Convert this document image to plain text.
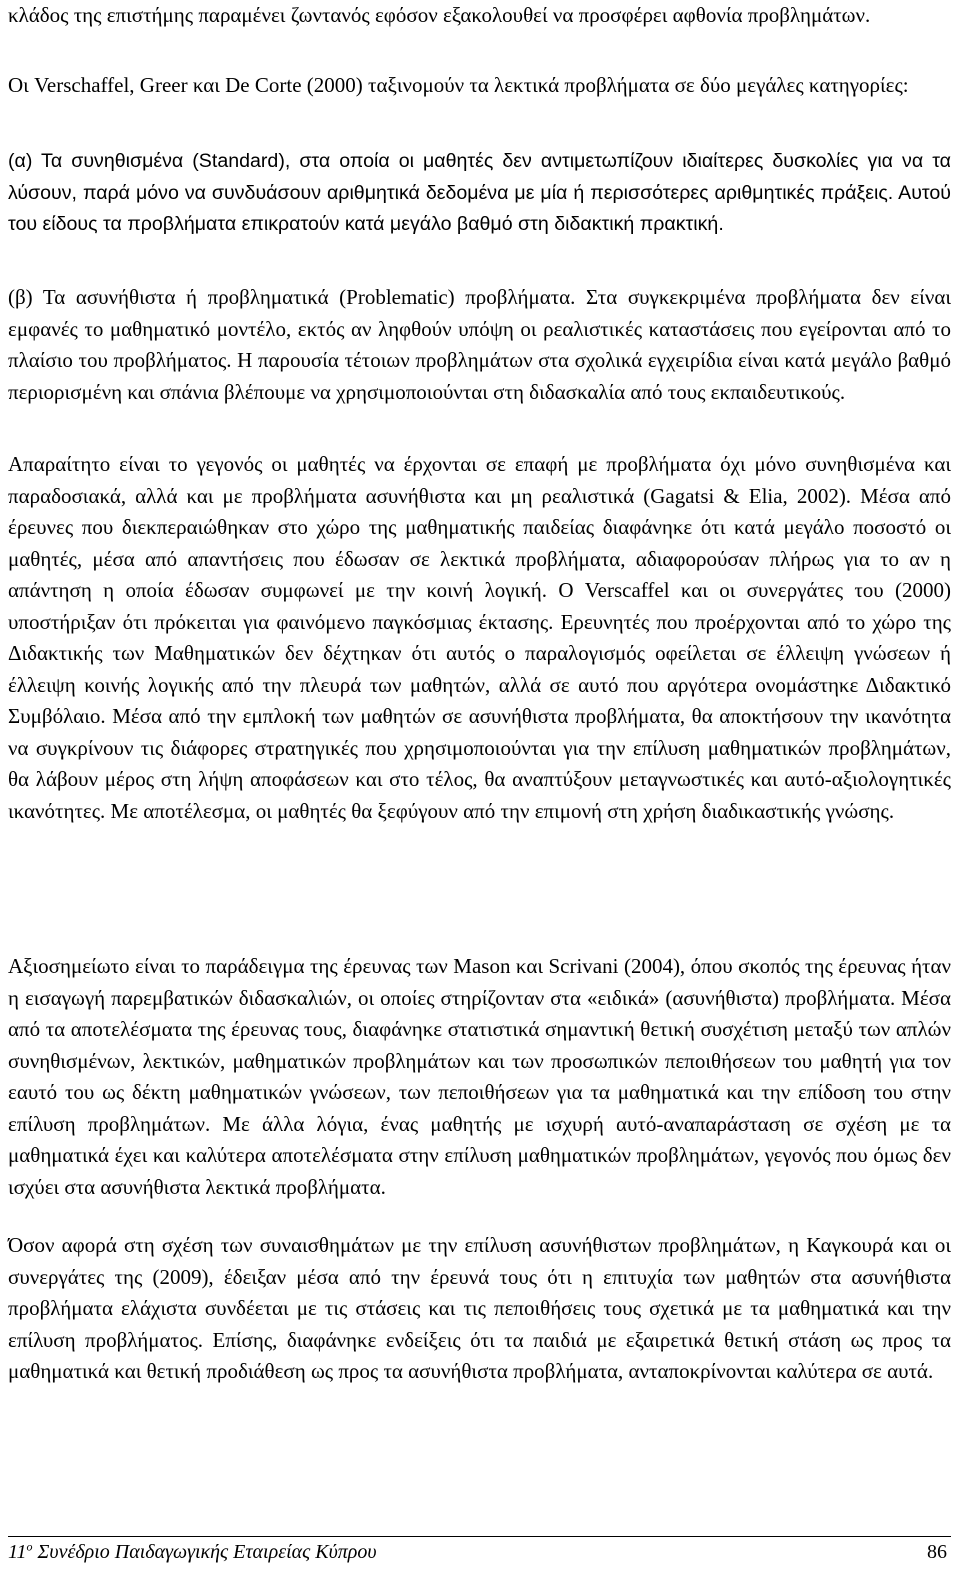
κλάδος της επιστήμης παραμένει ζωντανός εφόσον εξακολουθεί να προσφέρει αφθονία προβλημάτων.

Οι Verschaffel, Greer και De Corte (2000) ταξινομούν τα λεκτικά προβλήματα σε δύο μεγάλες κατηγορίες:

(α) Τα συνηθισμένα (Standard), στα οποία οι μαθητές δεν αντιμετωπίζουν ιδιαίτερες δυσκολίες για να τα λύσουν, παρά μόνο να συνδυάσουν αριθμητικά δεδομένα με μία ή περισσότερες αριθμητικές πράξεις. Αυτού του είδους τα προβλήματα επικρατούν κατά μεγάλο βαθμό στη διδακτική πρακτική.

(β) Τα ασυνήθιστα ή προβληματικά (Problematic) προβλήματα. Στα συγκεκριμένα προβλήματα δεν είναι εμφανές το μαθηματικό μοντέλο, εκτός αν ληφθούν υπόψη οι ρεαλιστικές καταστάσεις που εγείρονται από το πλαίσιο του προβλήματος. Η παρουσία τέτοιων προβλημάτων στα σχολικά εγχειρίδια είναι κατά μεγάλο βαθμό περιορισμένη και σπάνια βλέπουμε να χρησιμοποιούνται στη διδασκαλία από τους εκπαιδευτικούς.

Απαραίτητο είναι το γεγονός οι μαθητές να έρχονται σε επαφή με προβλήματα όχι μόνο συνηθισμένα και παραδοσιακά, αλλά και με προβλήματα ασυνήθιστα και μη ρεαλιστικά (Gagatsi & Elia, 2002). Μέσα από έρευνες που διεκπεραιώθηκαν στο χώρο της μαθηματικής παιδείας διαφάνηκε ότι κατά μεγάλο ποσοστό οι μαθητές, μέσα από απαντήσεις που έδωσαν σε λεκτικά προβλήματα, αδιαφορούσαν πλήρως για το αν η απάντηση η οποία έδωσαν συμφωνεί με την κοινή λογική. Ο Verscaffel και οι συνεργάτες του (2000) υποστήριξαν ότι πρόκειται για φαινόμενο παγκόσμιας έκτασης. Ερευνητές που προέρχονται από το χώρο της Διδακτικής των Μαθηματικών δεν δέχτηκαν ότι αυτός ο παραλογισμός οφείλεται σε έλλειψη γνώσεων ή έλλειψη κοινής λογικής από την πλευρά των μαθητών, αλλά σε αυτό που αργότερα ονομάστηκε Διδακτικό Συμβόλαιο. Μέσα από την εμπλοκή των μαθητών σε ασυνήθιστα προβλήματα, θα αποκτήσουν την ικανότητα να συγκρίνουν τις διάφορες στρατηγικές που χρησιμοποιούνται για την επίλυση μαθηματικών προβλημάτων, θα λάβουν μέρος στη λήψη αποφάσεων και στο τέλος, θα αναπτύξουν μεταγνωστικές και αυτό-αξιολογητικές ικανότητες. Με αποτέλεσμα, οι μαθητές θα ξεφύγουν από την επιμονή στη χρήση διαδικαστικής γνώσης.

Αξιοσημείωτο είναι το παράδειγμα της έρευνας των Mason και Scrivani (2004), όπου σκοπός της έρευνας ήταν η εισαγωγή παρεμβατικών διδασκαλιών, οι οποίες στηρίζονταν στα «ειδικά» (ασυνήθιστα) προβλήματα. Μέσα από τα αποτελέσματα της έρευνας τους, διαφάνηκε στατιστικά σημαντική θετική συσχέτιση μεταξύ των απλών συνηθισμένων, λεκτικών, μαθηματικών προβλημάτων και των προσωπικών πεποιθήσεων του μαθητή για τον εαυτό του ως δέκτη μαθηματικών γνώσεων, των πεποιθήσεων για τα μαθηματικά και την επίδοση του στην επίλυση προβλημάτων. Με άλλα λόγια, ένας μαθητής με ισχυρή αυτό-αναπαράσταση σε σχέση με τα μαθηματικά έχει και καλύτερα αποτελέσματα στην επίλυση μαθηματικών προβλημάτων, γεγονός που όμως δεν ισχύει στα ασυνήθιστα λεκτικά προβλήματα.

Όσον αφορά στη σχέση των συναισθημάτων με την επίλυση ασυνήθιστων προβλημάτων, η Καγκουρά και οι συνεργάτες της (2009), έδειξαν μέσα από την έρευνά τους ότι η επιτυχία των μαθητών στα ασυνήθιστα προβλήματα ελάχιστα συνδέεται με τις στάσεις και τις πεποιθήσεις τους σχετικά με τα μαθηματικά και την επίλυση προβλήματος. Επίσης, διαφάνηκε ενδείξεις ότι τα παιδιά με εξαιρετικά θετική στάση ως προς τα μαθηματικά και θετική προδιάθεση ως προς τα ασυνήθιστα προβλήματα, ανταποκρίνονται καλύτερα σε αυτά.

$11^o$ Συνέδριο Παιδαγωγικής Εταιρείας Κύπρου	86
